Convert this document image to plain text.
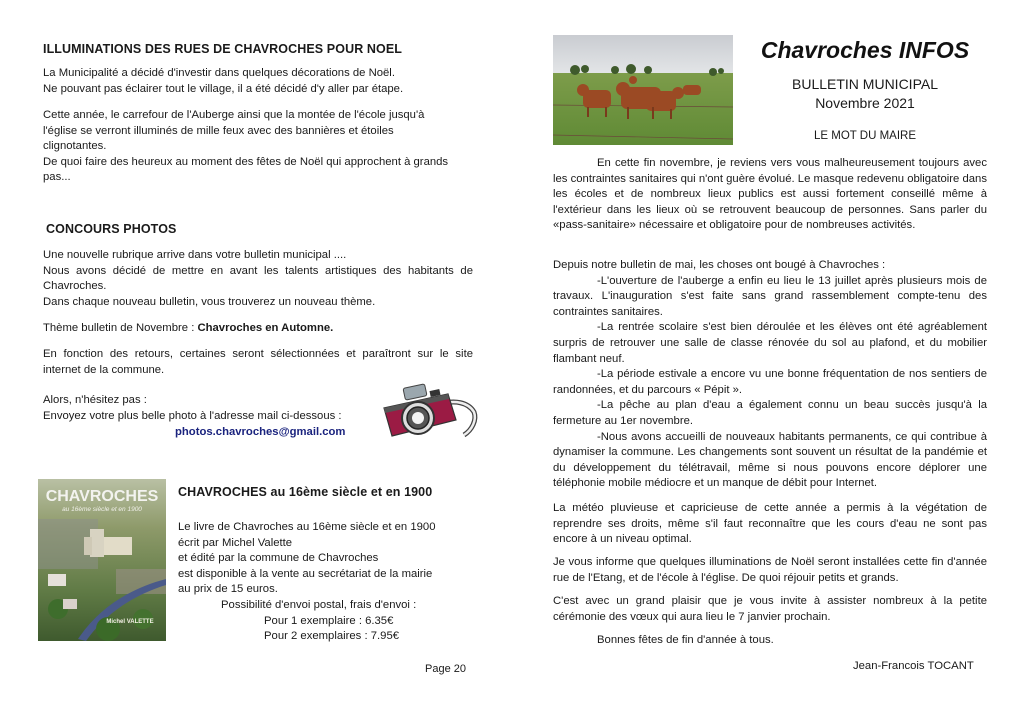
ILLUMINATIONS DES RUES DE CHAVROCHES POUR NOEL

La Municipalité a décidé d'investir dans quelques décorations de Noël.

Ne pouvant pas éclairer tout le village, il a été décidé d'y aller par étape.

Cette année, le carrefour de l'Auberge ainsi que la montée de l'école jusqu'à

l'église se verront illuminés de mille feux avec des bannières et étoiles

clignotantes.

De quoi faire des heureux au moment des fêtes de Noël qui approchent à grands

pas...

CONCOURS PHOTOS

Une nouvelle rubrique arrive dans votre bulletin municipal ....

Nous avons décidé de mettre en avant les talents artistiques des habitants de Chavroches.

Dans chaque nouveau bulletin, vous trouverez un nouveau thème.

Thème bulletin de Novembre : Chavroches en Automne.

En fonction des retours, certaines seront sélectionnées et paraîtront sur le site internet de la commune.

Alors, n'hésitez pas :

Envoyez votre plus belle photo à l'adresse mail ci-dessous :

photos.chavroches@gmail.com
CHAVROCHES
au 16ème siècle et en 1900
Michel VALETTE
CHAVROCHES au 16ème siècle et en 1900

Le livre de Chavroches au 16ème siècle et en 1900

écrit par Michel Valette

et édité par la commune de Chavroches

est disponible à la vente au secrétariat de la mairie

au prix de 15 euros.

Possibilité d'envoi postal, frais d'envoi :

Pour 1 exemplaire : 6.35€

Pour 2 exemplaires : 7.95€

Page 20
Chavroches INFOS
BULLETIN MUNICIPAL
Novembre 2021
LE MOT DU MAIRE

En cette fin novembre, je reviens vers vous malheureusement toujours avec les contraintes sanitaires qui n'ont guère évolué. Le masque redevenu obligatoire dans les écoles et de nombreux lieux publics est aussi fortement conseillé même à l'extérieur dans les lieux où se retrouvent beaucoup de personnes. Sans parler du «pass-sanitaire» nécessaire et obligatoire pour de nombreuses activités.

Depuis notre bulletin de mai, les choses ont bougé à Chavroches :

-L'ouverture de l'auberge a enfin eu lieu le 13 juillet après plusieurs mois de travaux. L'inauguration s'est faite sans grand rassemblement compte-tenu des contraintes sanitaires.

-La rentrée scolaire s'est bien déroulée et les élèves ont été agréablement surpris de retrouver une salle de classe rénovée du sol au plafond, et du mobilier flambant neuf.

-La période estivale a encore vu une bonne fréquentation de nos sentiers de randonnées, et du parcours « Pépit ».

-La pêche au plan d'eau a également connu un beau succès jusqu'à la fermeture au 1er novembre.

-Nous avons accueilli de nouveaux habitants permanents, ce qui contribue à dynamiser la commune. Les changements sont souvent un résultat de la pandémie et du développement du télétravail, même si nous pouvons encore déplorer une téléphonie mobile médiocre et un manque de débit pour Internet.

La météo pluvieuse et capricieuse de cette année a permis à la végétation de reprendre ses droits, même s'il faut reconnaître que les cours d'eau ne sont pas encore à un niveau optimal.

Je vous informe que quelques illuminations de Noël seront installées cette fin d'année rue de l'Etang, et de l'école à l'église. De quoi réjouir petits et grands.

C'est avec un grand plaisir que je vous invite à assister nombreux à la petite cérémonie des vœux qui aura lieu le 7 janvier prochain.

Bonnes fêtes de fin d'année à tous.

Jean-Francois TOCANT
